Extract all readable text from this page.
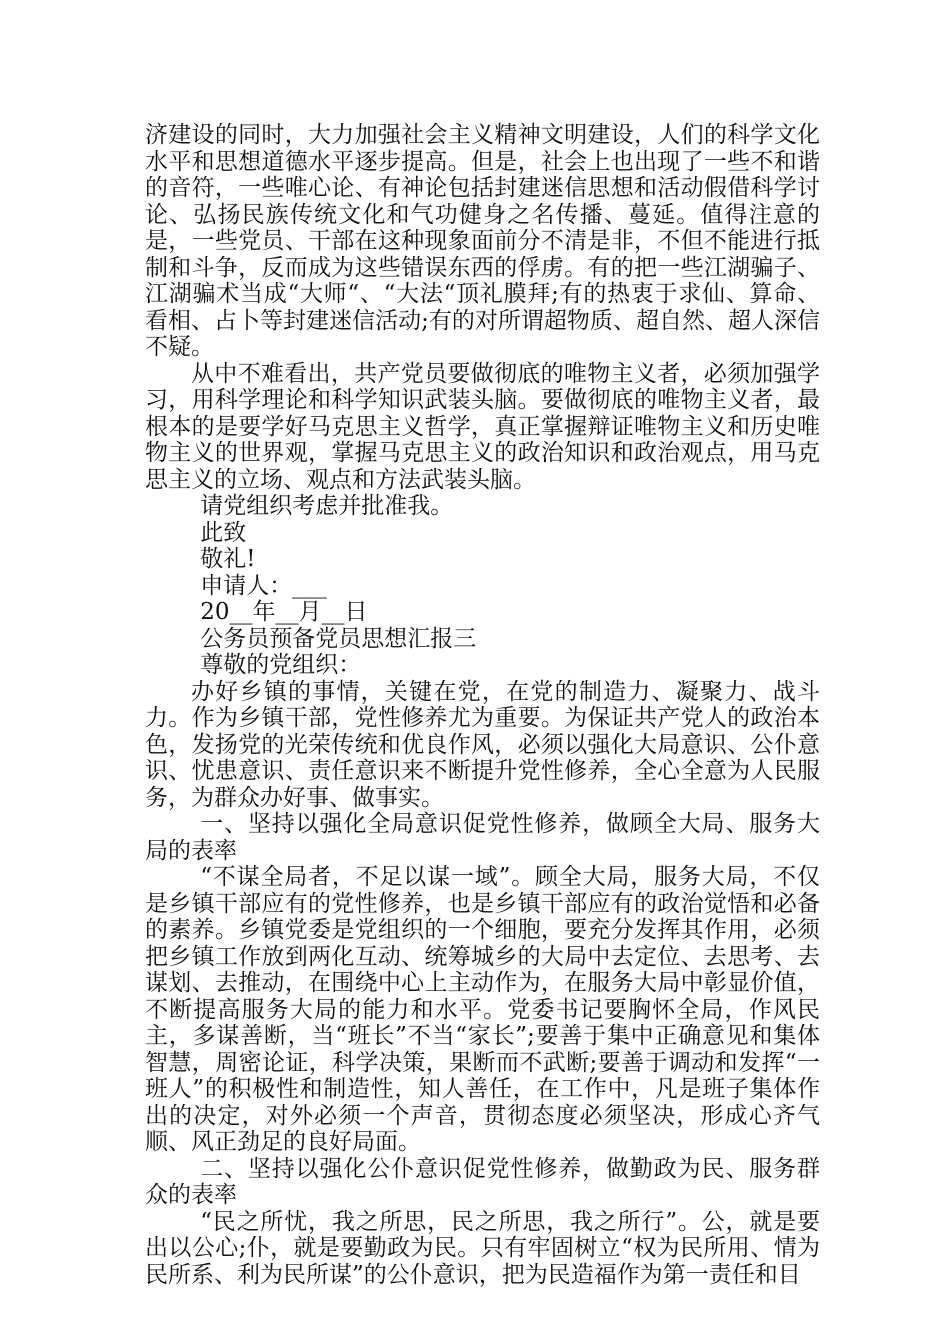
济建设的同时，大力加强社会主义精神文明建设，人们的科学文化水平和思想道德水平逐步提高。但是，社会上也出现了一些不和谐的音符，一些唯心论、有神论包括封建迷信思想和活动假借科学讨论、弘扬民族传统文化和气功健身之名传播、蔓延。值得注意的是，一些党员、干部在这种现象面前分不清是非，不但不能进行抵制和斗争，反而成为这些错误东西的俘虏。有的把一些江湖骗子、江湖骗术当成“大师“、“大法“顶礼膜拜;有的热衷于求仙、算命、看相、占卜等封建迷信活动;有的对所谓超物质、超自然、超人深信不疑。

从中不难看出，共产党员要做彻底的唯物主义者，必须加强学习，用科学理论和科学知识武装头脑。要做彻底的唯物主义者，最根本的是要学好马克思主义哲学，真正掌握辩证唯物主义和历史唯物主义的世界观，掌握马克思主义的政治知识和政治观点，用马克思主义的立场、观点和方法武装头脑。

请党组织考虑并批准我。

此致

敬礼!

申请人：___

20__年__月__日

公务员预备党员思想汇报三

尊敬的党组织：

办好乡镇的事情，关键在党，在党的制造力、凝聚力、战斗力。作为乡镇干部，党性修养尤为重要。为保证共产党人的政治本色，发扬党的光荣传统和优良作风，必须以强化大局意识、公仆意识、忧患意识、责任意识来不断提升党性修养，全心全意为人民服务，为群众办好事、做事实。

一、坚持以强化全局意识促党性修养，做顾全大局、服务大局的表率

“不谋全局者，不足以谋一域”。顾全大局，服务大局，不仅是乡镇干部应有的党性修养，也是乡镇干部应有的政治觉悟和必备的素养。乡镇党委是党组织的一个细胞，要充分发挥其作用，必须把乡镇工作放到两化互动、统筹城乡的大局中去定位、去思考、去谋划、去推动，在围绕中心上主动作为，在服务大局中彰显价值，不断提高服务大局的能力和水平。党委书记要胸怀全局，作风民主，多谋善断，当“班长”不当“家长”;要善于集中正确意见和集体智慧，周密论证，科学决策，果断而不武断;要善于调动和发挥“一班人”的积极性和制造性，知人善任，在工作中，凡是班子集体作出的决定，对外必须一个声音，贯彻态度必须坚决，形成心齐气顺、风正劲足的良好局面。

二、坚持以强化公仆意识促党性修养，做勤政为民、服务群众的表率

“民之所忧，我之所思，民之所思，我之所行”。公，就是要出以公心;仆，就是要勤政为民。只有牢固树立“权为民所用、情为民所系、利为民所谋”的公仆意识，把为民造福作为第一责任和目
